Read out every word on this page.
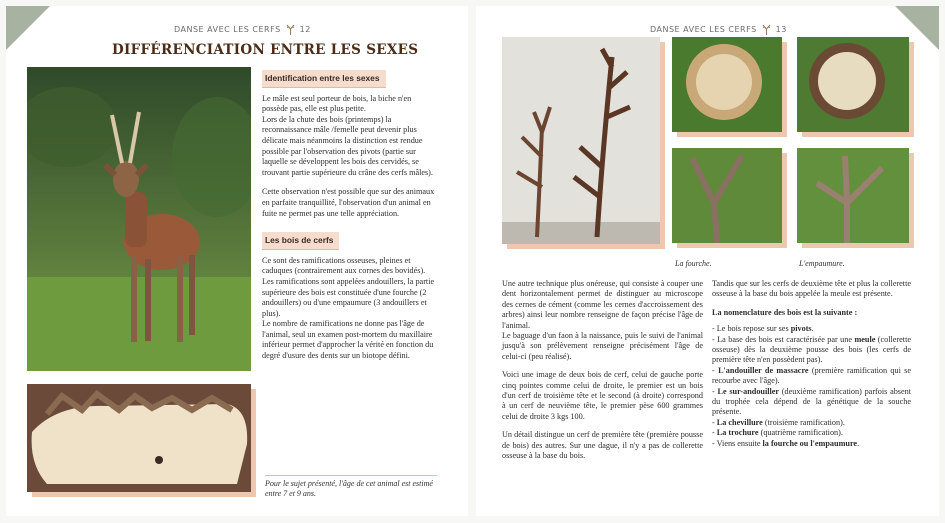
DANSE AVEC LES CERFS 12
DIFFÉRENCIATION ENTRE LES SEXES
Identification entre les sexes
Le mâle est seul porteur de bois, la biche n'en possède pas, elle est plus petite.
Lors de la chute des bois (printemps) la reconnaissance mâle /femelle peut devenir plus délicate mais néanmoins la distinction est rendue possible par l'observation des pivots (partie sur laquelle se développent les bois des cervidés, se trouvant partie supérieure du crâne des cerfs mâles).
Cette observation n'est possible que sur des animaux en parfaite tranquillité, l'observation d'un animal en fuite ne permet pas une telle appréciation.
Les bois de cerfs
Ce sont des ramifications osseuses, pleines et caduques (contrairement aux cornes des bovidés).
Les ramifications sont appelées andouillers, la partie supérieure des bois est constituée d'une fourche (2 andouillers) ou d'une empaumure (3 andouillers et plus).
Le nombre de ramifications ne donne pas l'âge de l'animal, seul un examen post-mortem du maxillaire inférieur permet d'approcher la vérité en fonction du degré d'usure des dents sur un biotope défini.
Pour le sujet présenté, l'âge de cet animal est estimé entre 7 et 9 ans.
DANSE AVEC LES CERFS 13
La fourche.	L'empaumure.

Une autre technique plus onéreuse, qui consiste à couper une dent horizontalement permet de distinguer au microscope des cernes de cément (comme les cernes d'accroissement des arbres) ainsi leur nombre renseigne de façon précise l'âge de l'animal.

Le baguage d'un faon à la naissance, puis le suivi de l'animal jusqu'à son prélèvement renseigne précisément l'âge de celui-ci (peu réalisé).

Voici une image de deux bois de cerf, celui de gauche porte cinq pointes comme celui de droite, le premier est un bois d'un cerf de troisième tête et le second (à droite) correspond à un cerf de neuvième tête, le premier pèse 600 grammes celui de droite 3 kgs 100.

Un détail distingue un cerf de première tête (première pousse de bois) des autres. Sur une dague, il n'y a pas de collerette osseuse à la base du bois.

Tandis que sur les cerfs de deuxième tête et plus la collerette osseuse à la base du bois appelée la meule est présente.

La nomenclature des bois est la suivante :
- Le bois repose sur ses pivots.
- La base des bois est caractérisée par une meule (collerette osseuse) dès la deuxième pousse des bois (les cerfs de première tête n'en possèdent pas).
- L'andouiller de massacre (première ramification qui se recourbe avec l'âge).
- Le sur-andouiller (deuxième ramification) parfois absent du trophée cela dépend de la génétique de la souche présente.
- La chevillure (troisième ramification).
- La trochure (quatrième ramification).
- Viens ensuite la fourche ou l'empaumure.
